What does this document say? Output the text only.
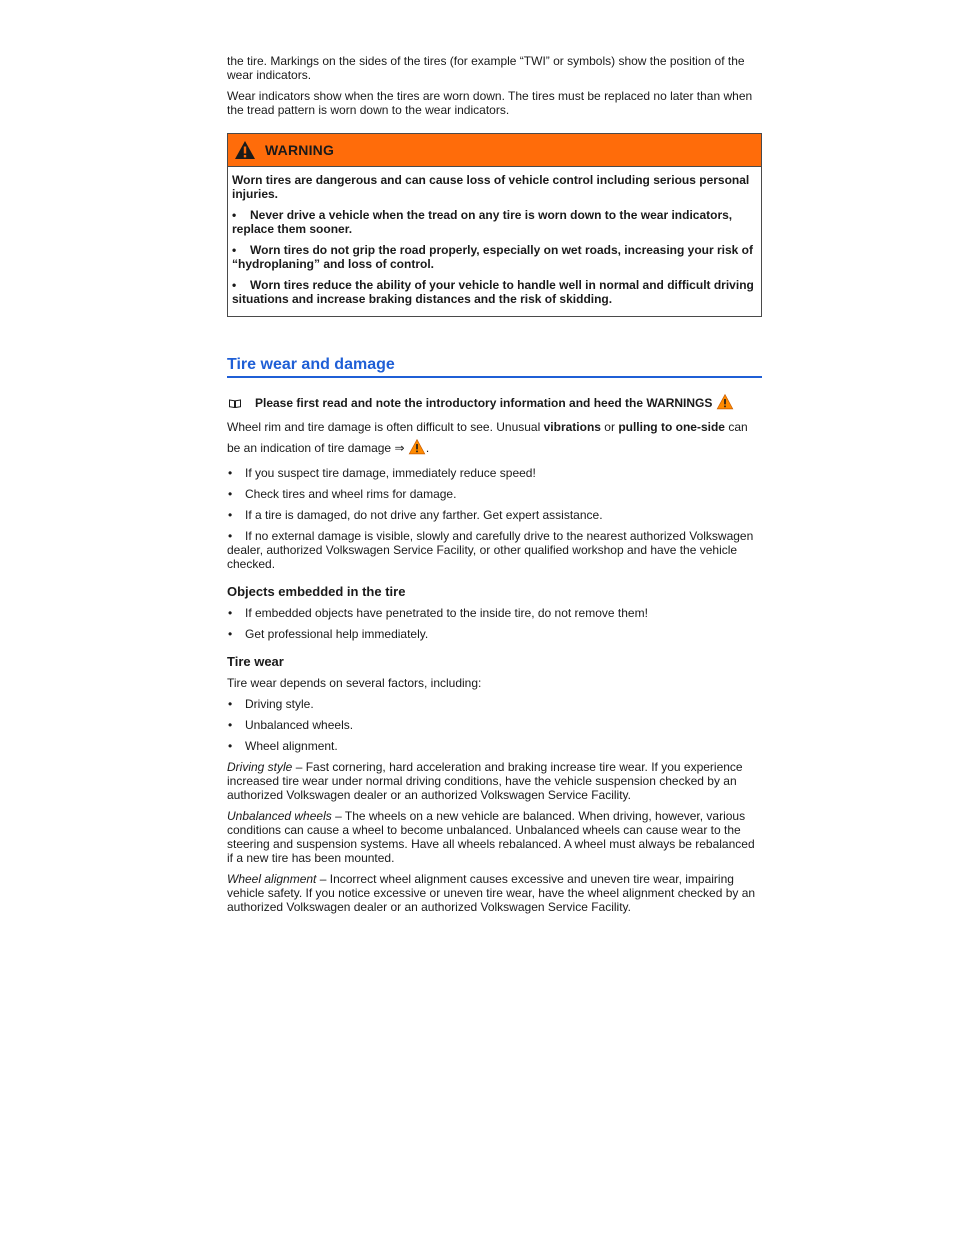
the tire. Markings on the sides of the tires (for example “TWI” or symbols) show the position of the wear indicators.

Wear indicators show when the tires are worn down. The tires must be replaced no later than when the tread pattern is worn down to the wear indicators.

WARNING

Worn tires are dangerous and can cause loss of vehicle control including serious personal injuries.

• Never drive a vehicle when the tread on any tire is worn down to the wear indicators, replace them sooner.

• Worn tires do not grip the road properly, especially on wet roads, increasing your risk of “hydroplaning” and loss of control.

• Worn tires reduce the ability of your vehicle to handle well in normal and difficult driving situations and increase braking distances and the risk of skidding.

Tire wear and damage
Please first read and note the introductory information and heed the WARNINGS

Wheel rim and tire damage is often difficult to see. Unusual vibrations or pulling to one-side can be an indication of tire damage ⇒ .

•	If you suspect tire damage, immediately reduce speed!
•	Check tires and wheel rims for damage.
•	If a tire is damaged, do not drive any farther. Get expert assistance.
• If no external damage is visible, slowly and carefully drive to the nearest authorized Volkswagen dealer, authorized Volkswagen Service Facility, or other qualified workshop and have the vehicle checked.
Objects embedded in the tire
•	If embedded objects have penetrated to the inside tire, do not remove them!
•	Get professional help immediately.
Tire wear

Tire wear depends on several factors, including:

•	Driving style.
•	Unbalanced wheels.
•	Wheel alignment.

Driving style – Fast cornering, hard acceleration and braking increase tire wear. If you experience increased tire wear under normal driving conditions, have the vehicle suspension checked by an authorized Volkswagen dealer or an authorized Volkswagen Service Facility.

Unbalanced wheels – The wheels on a new vehicle are balanced. When driving, however, various conditions can cause a wheel to become unbalanced. Unbalanced wheels can cause wear to the steering and suspension systems. Have all wheels rebalanced. A wheel must always be rebalanced if a new tire has been mounted.

Wheel alignment – Incorrect wheel alignment causes excessive and uneven tire wear, impairing vehicle safety. If you notice excessive or uneven tire wear, have the wheel alignment checked by an authorized Volkswagen dealer or an authorized Volkswagen Service Facility.
